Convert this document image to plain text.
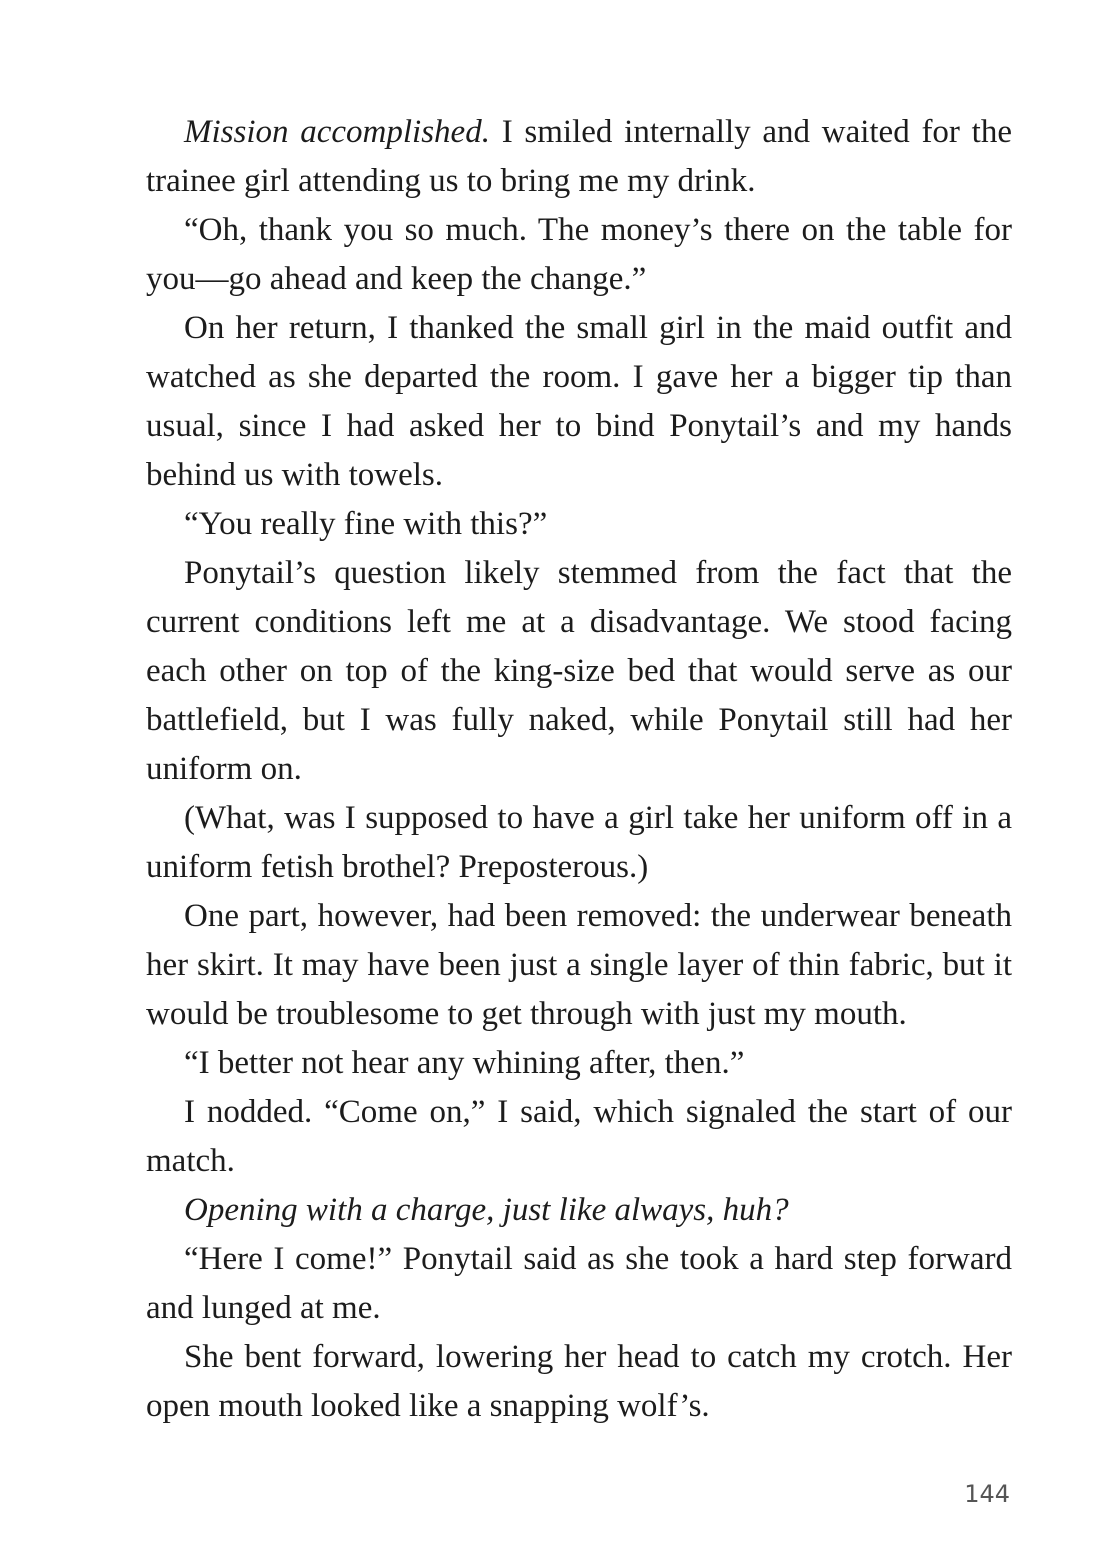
Mission accomplished. I smiled internally and waited for the trainee girl attending us to bring me my drink.

“Oh, thank you so much. The money’s there on the table for you—go ahead and keep the change.”

On her return, I thanked the small girl in the maid outfit and watched as she departed the room. I gave her a bigger tip than usual, since I had asked her to bind Ponytail’s and my hands behind us with towels.

“You really fine with this?”

Ponytail’s question likely stemmed from the fact that the current conditions left me at a disadvantage. We stood facing each other on top of the king-size bed that would serve as our battlefield, but I was fully naked, while Ponytail still had her uniform on.

(What, was I supposed to have a girl take her uniform off in a uniform fetish brothel? Preposterous.)

One part, however, had been removed: the underwear beneath her skirt. It may have been just a single layer of thin fabric, but it would be troublesome to get through with just my mouth.

“I better not hear any whining after, then.”

I nodded. “Come on,” I said, which signaled the start of our match.

Opening with a charge, just like always, huh?

“Here I come!” Ponytail said as she took a hard step forward and lunged at me.

She bent forward, lowering her head to catch my crotch. Her open mouth looked like a snapping wolf’s.

144
